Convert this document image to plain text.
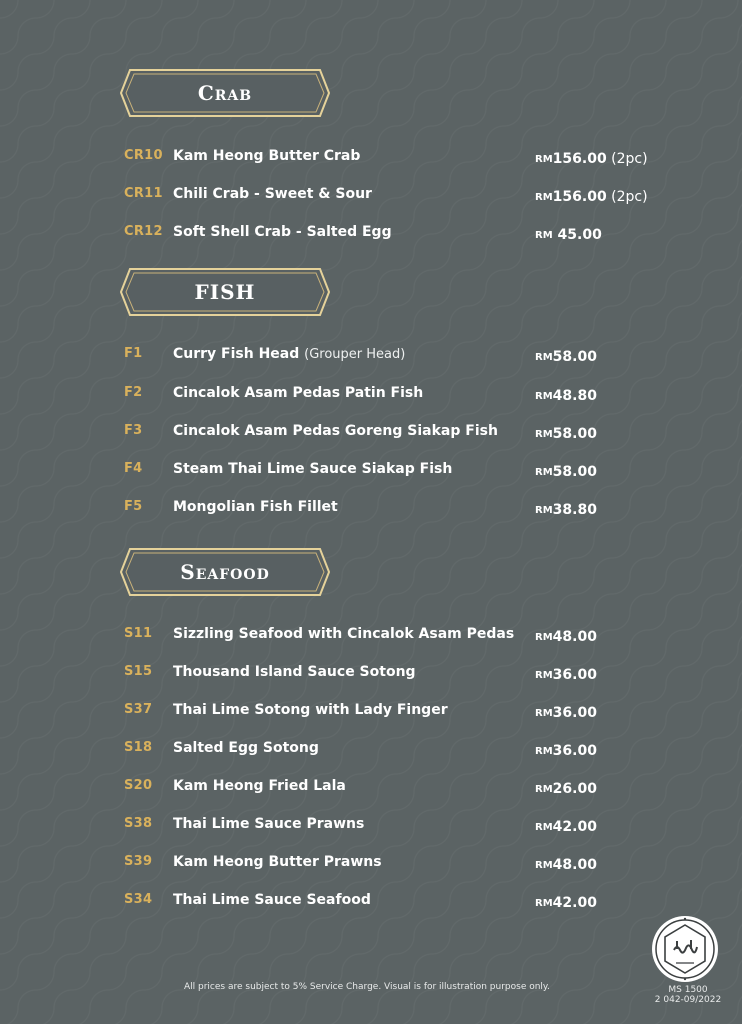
Crab
CR10 Kam Heong Butter Crab	RM156.00 (2pc)
CR11 Chili Crab - Sweet & Sour	RM156.00 (2pc)
CR12 Soft Shell Crab - Salted Egg	RM 45.00
FISH
F1 Curry Fish Head (Grouper Head)	RM58.00
F2 Cincalok Asam Pedas Patin Fish	RM48.80
F3 Cincalok Asam Pedas Goreng Siakap Fish	RM58.00
F4 Steam Thai Lime Sauce Siakap Fish	RM58.00
F5 Mongolian Fish Fillet	RM38.80
Seafood
S11 Sizzling Seafood with Cincalok Asam Pedas RM48.00
S15 Thousand Island Sauce Sotong	RM36.00
S37 Thai Lime Sotong with Lady Finger	RM36.00
S18 Salted Egg Sotong	RM36.00
S20 Kam Heong Fried Lala	RM26.00
S38 Thai Lime Sauce Prawns	RM42.00
S39 Kam Heong Butter Prawns	RM48.00
S34 Thai Lime Sauce Seafood	RM42.00
All prices are subject to 5% Service Charge. Visual is for illustration purpose only.	MS 1500
2 042-09/2022
